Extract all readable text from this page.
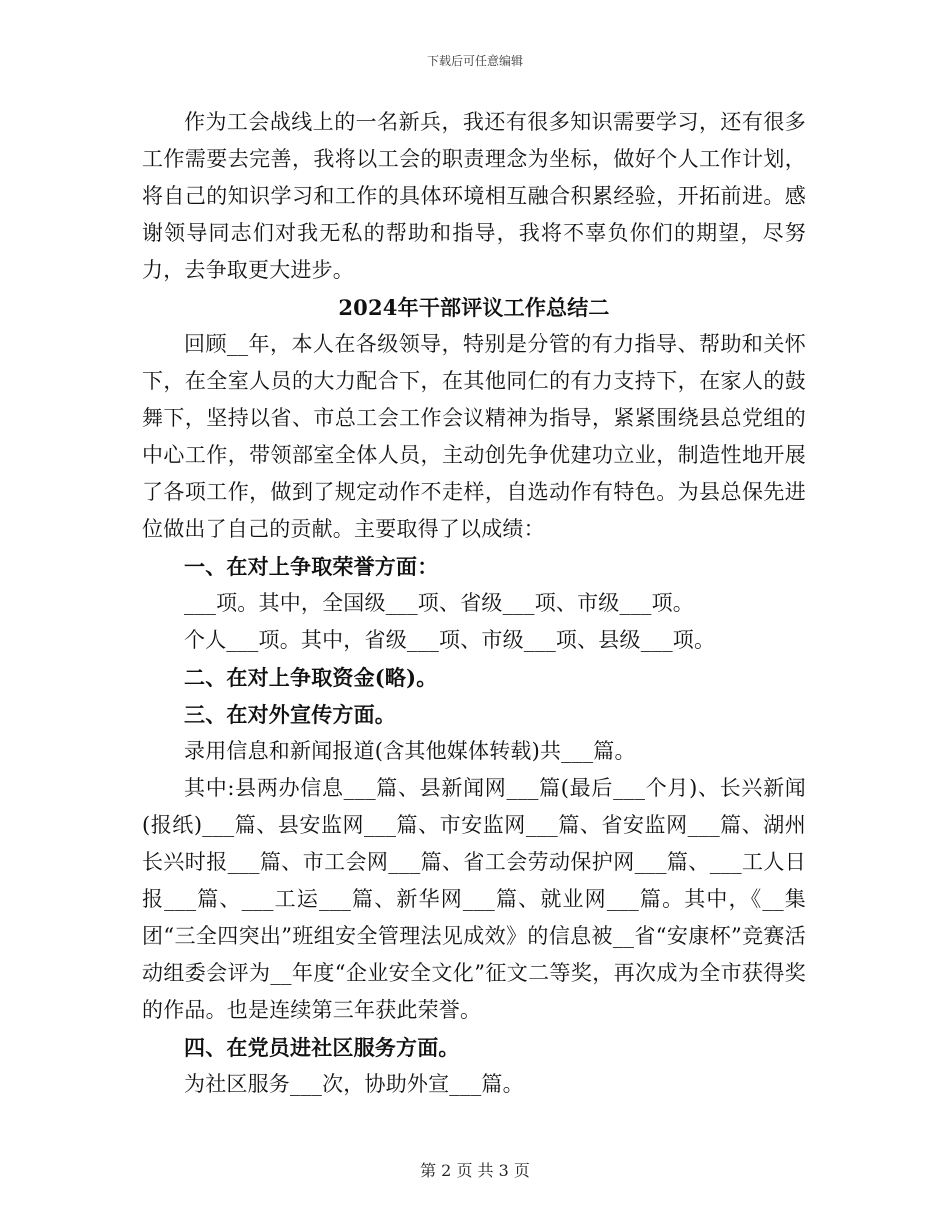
下载后可任意编辑

作为工会战线上的一名新兵，我还有很多知识需要学习，还有很多工作需要去完善，我将以工会的职责理念为坐标，做好个人工作计划，将自己的知识学习和工作的具体环境相互融合积累经验，开拓前进。感谢领导同志们对我无私的帮助和指导，我将不辜负你们的期望，尽努力，去争取更大进步。

2024年干部评议工作总结二

回顾__年，本人在各级领导，特别是分管的有力指导、帮助和关怀下，在全室人员的大力配合下，在其他同仁的有力支持下，在家人的鼓舞下，坚持以省、市总工会工作会议精神为指导，紧紧围绕县总党组的中心工作，带领部室全体人员，主动创先争优建功立业，制造性地开展了各项工作，做到了规定动作不走样，自选动作有特色。为县总保先进位做出了自己的贡献。主要取得了以成绩：

一、在对上争取荣誉方面：

___项。其中，全国级___项、省级___项、市级___项。

个人___项。其中，省级___项、市级___项、县级___项。

二、在对上争取资金(略)。

三、在对外宣传方面。

录用信息和新闻报道(含其他媒体转载)共___篇。

其中:县两办信息___篇、县新闻网___篇(最后___个月)、长兴新闻(报纸)___篇、县安监网___篇、市安监网___篇、省安监网___篇、湖州长兴时报___篇、市工会网___篇、省工会劳动保护网___篇、___工人日报___篇、___工运___篇、新华网___篇、就业网___篇。其中，《__集团“三全四突出”班组安全管理法见成效》的信息被__省“安康杯”竞赛活动组委会评为__年度“企业安全文化”征文二等奖，再次成为全市获得奖的作品。也是连续第三年获此荣誉。

四、在党员进社区服务方面。

为社区服务___次，协助外宣___篇。

第 2 页 共 3 页
